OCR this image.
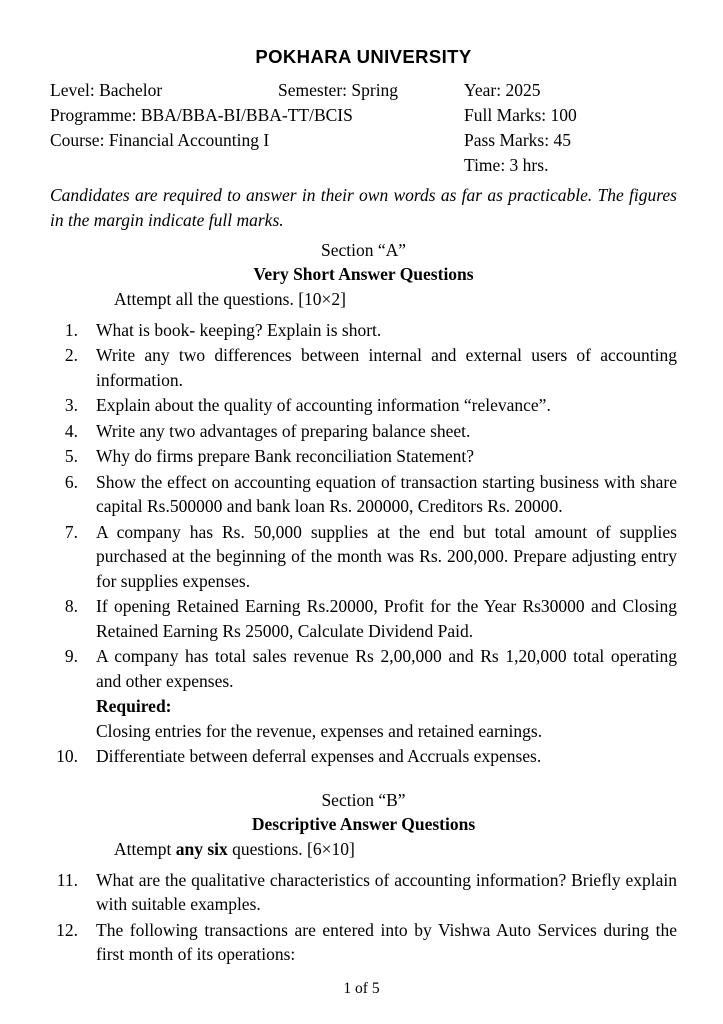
POKHARA UNIVERSITY
Level: Bachelor	Semester: Spring	Year: 2025
Programme: BBA/BBA-BI/BBA-TT/BCIS	Full Marks: 100
Course: Financial Accounting I	Pass Marks: 45
Time: 3 hrs.
Candidates are required to answer in their own words as far as practicable. The figures in the margin indicate full marks.
Section “A”
Very Short Answer Questions
Attempt all the questions. [10×2]
1.	What is book- keeping? Explain is short.
2.	Write any two differences between internal and external users of accounting information.
3.	Explain about the quality of accounting information “relevance”.
4.	Write any two advantages of preparing balance sheet.
5.	Why do firms prepare Bank reconciliation Statement?
6.	Show the effect on accounting equation of transaction starting business with share capital Rs.500000 and bank loan Rs. 200000, Creditors Rs. 20000.
7.	A company has Rs. 50,000 supplies at the end but total amount of supplies purchased at the beginning of the month was Rs. 200,000. Prepare adjusting entry for supplies expenses.
8.	If opening Retained Earning Rs.20000, Profit for the Year Rs30000 and Closing Retained Earning Rs 25000, Calculate Dividend Paid.
9.	A company has total sales revenue Rs 2,00,000 and Rs 1,20,000 total operating and other expenses.
Required:
Closing entries for the revenue, expenses and retained earnings.
10.	Differentiate between deferral expenses and Accruals expenses.
Section “B”
Descriptive Answer Questions
Attempt any six questions. [6×10]
11.	What are the qualitative characteristics of accounting information? Briefly explain with suitable examples.
12.	The following transactions are entered into by Vishwa Auto Services during the first month of its operations:
1 of 5
